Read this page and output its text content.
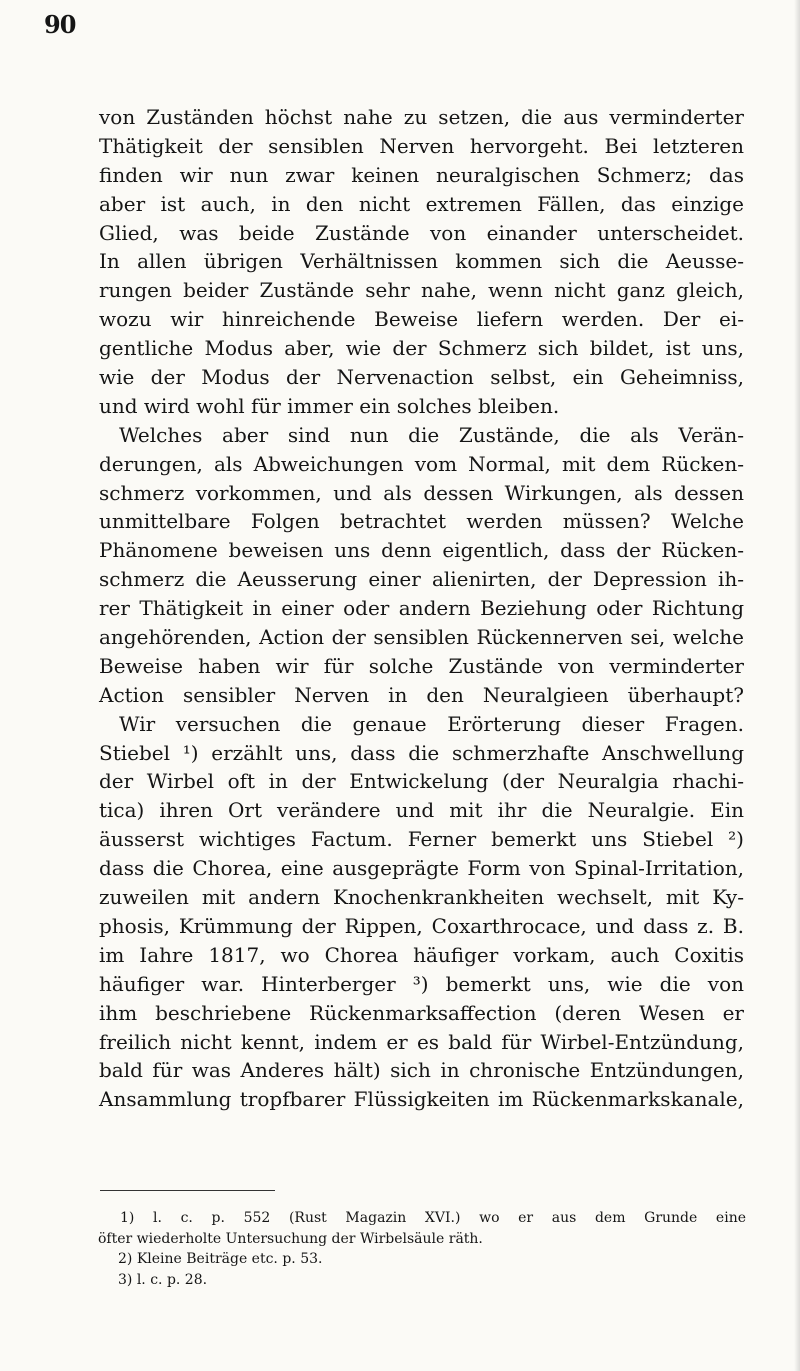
90
von Zuständen höchst nahe zu setzen, die aus verminderter
Thätigkeit der sensiblen Nerven hervorgeht. Bei letzteren
finden wir nun zwar keinen neuralgischen Schmerz; das
aber ist auch, in den nicht extremen Fällen, das einzige
Glied, was beide Zustände von einander unterscheidet.
In allen übrigen Verhältnissen kommen sich die Aeusse-
rungen beider Zustände sehr nahe, wenn nicht ganz gleich,
wozu wir hinreichende Beweise liefern werden. Der ei-
gentliche Modus aber, wie der Schmerz sich bildet, ist uns,
wie der Modus der Nervenaction selbst, ein Geheimniss,
und wird wohl für immer ein solches bleiben.
Welches aber sind nun die Zustände, die als Verän-
derungen, als Abweichungen vom Normal, mit dem Rücken-
schmerz vorkommen, und als dessen Wirkungen, als dessen
unmittelbare Folgen betrachtet werden müssen? Welche
Phänomene beweisen uns denn eigentlich, dass der Rücken-
schmerz die Aeusserung einer alienirten, der Depression ih-
rer Thätigkeit in einer oder andern Beziehung oder Richtung
angehörenden, Action der sensiblen Rückennerven sei, welche
Beweise haben wir für solche Zustände von verminderter
Action sensibler Nerven in den Neuralgieen überhaupt?
Wir versuchen die genaue Erörterung dieser Fragen.
Stiebel ¹) erzählt uns, dass die schmerzhafte Anschwellung
der Wirbel oft in der Entwickelung (der Neuralgia rhachi-
tica) ihren Ort verändere und mit ihr die Neuralgie. Ein
äusserst wichtiges Factum. Ferner bemerkt uns Stiebel ²)
dass die Chorea, eine ausgeprägte Form von Spinal-Irritation,
zuweilen mit andern Knochenkrankheiten wechselt, mit Ky-
phosis, Krümmung der Rippen, Coxarthrocace, und dass z. B.
im Iahre 1817, wo Chorea häufiger vorkam, auch Coxitis
häufiger war. Hinterberger ³) bemerkt uns, wie die von
ihm beschriebene Rückenmarksaffection (deren Wesen er
freilich nicht kennt, indem er es bald für Wirbel-Entzündung,
bald für was Anderes hält) sich in chronische Entzündungen,
Ansammlung tropfbarer Flüssigkeiten im Rückenmarkskanale,
1) l. c. p. 552 (Rust Magazin XVI.) wo er aus dem Grunde eine
öfter wiederholte Untersuchung der Wirbelsäule räth.
2) Kleine Beiträge etc. p. 53.
3) l. c. p. 28.
